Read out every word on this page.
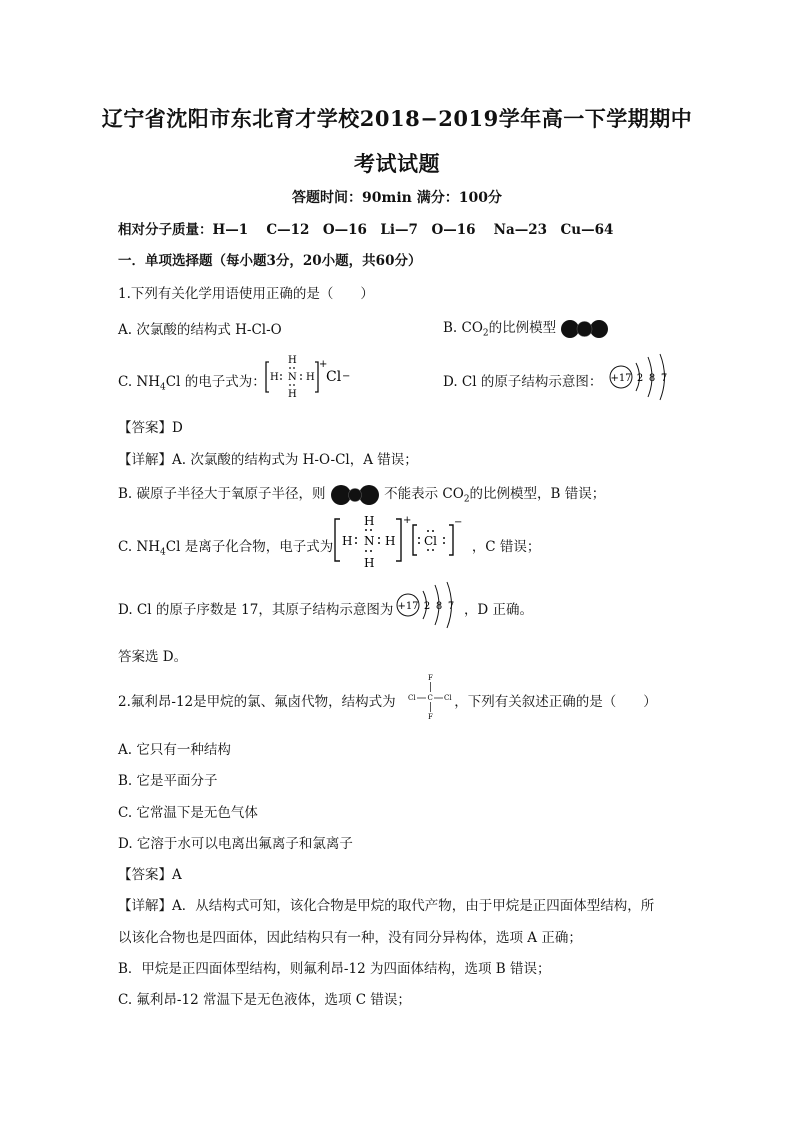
辽宁省沈阳市东北育才学校2018−2019学年高一下学期期中
考试试题
答题时间：90min 满分：100分
相对分子质量：H—1　 C—12　O—16　Li—7　O—16　 Na—23　Cu—64
一．单项选择题（每小题3分，20小题，共60分）
1.下列有关化学用语使用正确的是（　　）
A. 次氯酸的结构式 H-Cl-O	B. $CO_2$的比例模型
C. $NH_4Cl$ 的电子式为：
H
H N H
H
+
Cl −	D. Cl 的原子结构示意图： +17 2 8 7
【答案】D
【详解】A. 次氯酸的结构式为 H-O-Cl，A 错误；
B. 碳原子半径大于氧原子半径，则	不能表示 $CO_2$的比例模型，B 错误；
C. $NH_4Cl$ 是离子化合物，电子式为	，C 错误；
H
H N H
H
+
Cl
−
D. Cl 的原子序数是 17，其原子结构示意图为	，D 正确。
+17 2 8 7
答案选 D。
2.氟利昂-12是甲烷的氯、氟卤代物，结构式为	，下列有关叙述正确的是（　　）
F
Cl C Cl
F
A. 它只有一种结构
B. 它是平面分子
C. 它常温下是无色气体
D. 它溶于水可以电离出氟离子和氯离子
【答案】A
【详解】A．从结构式可知，该化合物是甲烷的取代产物，由于甲烷是正四面体型结构，所
以该化合物也是四面体，因此结构只有一种，没有同分异构体，选项 A 正确；
B．甲烷是正四面体型结构，则氟利昂-12 为四面体结构，选项 B 错误；
C. 氟利昂-12 常温下是无色液体，选项 C 错误；
